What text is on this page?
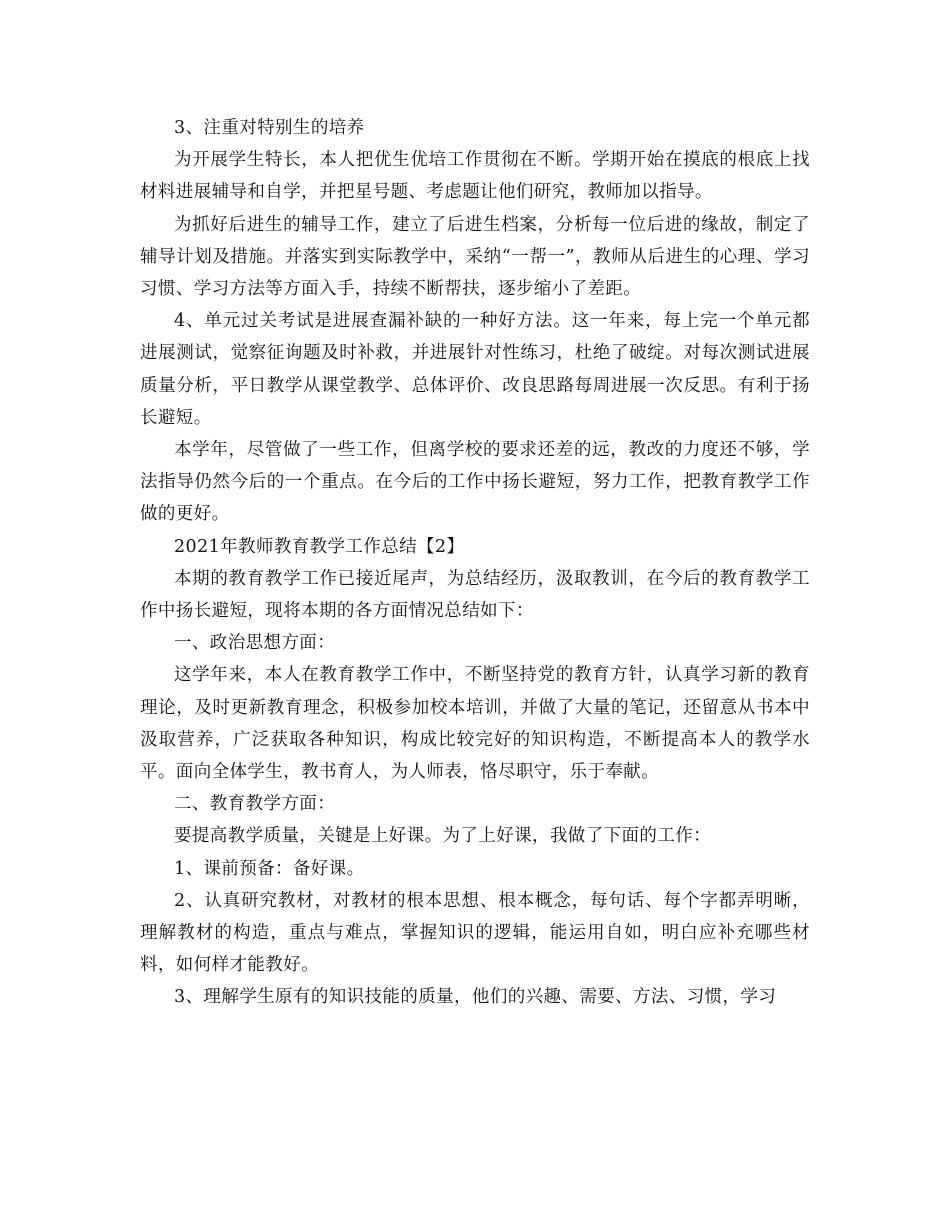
3、注重对特别生的培养

为开展学生特长，本人把优生优培工作贯彻在不断。学期开始在摸底的根底上找材料进展辅导和自学，并把星号题、考虑题让他们研究，教师加以指导。

为抓好后进生的辅导工作，建立了后进生档案，分析每一位后进的缘故，制定了辅导计划及措施。并落实到实际教学中，采纳“一帮一”，教师从后进生的心理、学习习惯、学习方法等方面入手，持续不断帮扶，逐步缩小了差距。

4、单元过关考试是进展查漏补缺的一种好方法。这一年来，每上完一个单元都进展测试，觉察征询题及时补救，并进展针对性练习，杜绝了破绽。对每次测试进展质量分析，平日教学从课堂教学、总体评价、改良思路每周进展一次反思。有利于扬长避短。

本学年，尽管做了一些工作，但离学校的要求还差的远，教改的力度还不够，学法指导仍然今后的一个重点。在今后的工作中扬长避短，努力工作，把教育教学工作做的更好。

2021年教师教育教学工作总结【2】

本期的教育教学工作已接近尾声，为总结经历，汲取教训，在今后的教育教学工作中扬长避短，现将本期的各方面情况总结如下：

一、政治思想方面：

这学年来，本人在教育教学工作中，不断坚持党的教育方针，认真学习新的教育理论，及时更新教育理念，积极参加校本培训，并做了大量的笔记，还留意从书本中汲取营养，广泛获取各种知识，构成比较完好的知识构造，不断提高本人的教学水平。面向全体学生，教书育人，为人师表，恪尽职守，乐于奉献。

二、教育教学方面：

要提高教学质量，关键是上好课。为了上好课，我做了下面的工作：

1、课前预备：备好课。

2、认真研究教材，对教材的根本思想、根本概念，每句话、每个字都弄明晰，理解教材的构造，重点与难点，掌握知识的逻辑，能运用自如，明白应补充哪些材料，如何样才能教好。

3、理解学生原有的知识技能的质量，他们的兴趣、需要、方法、习惯，学习
